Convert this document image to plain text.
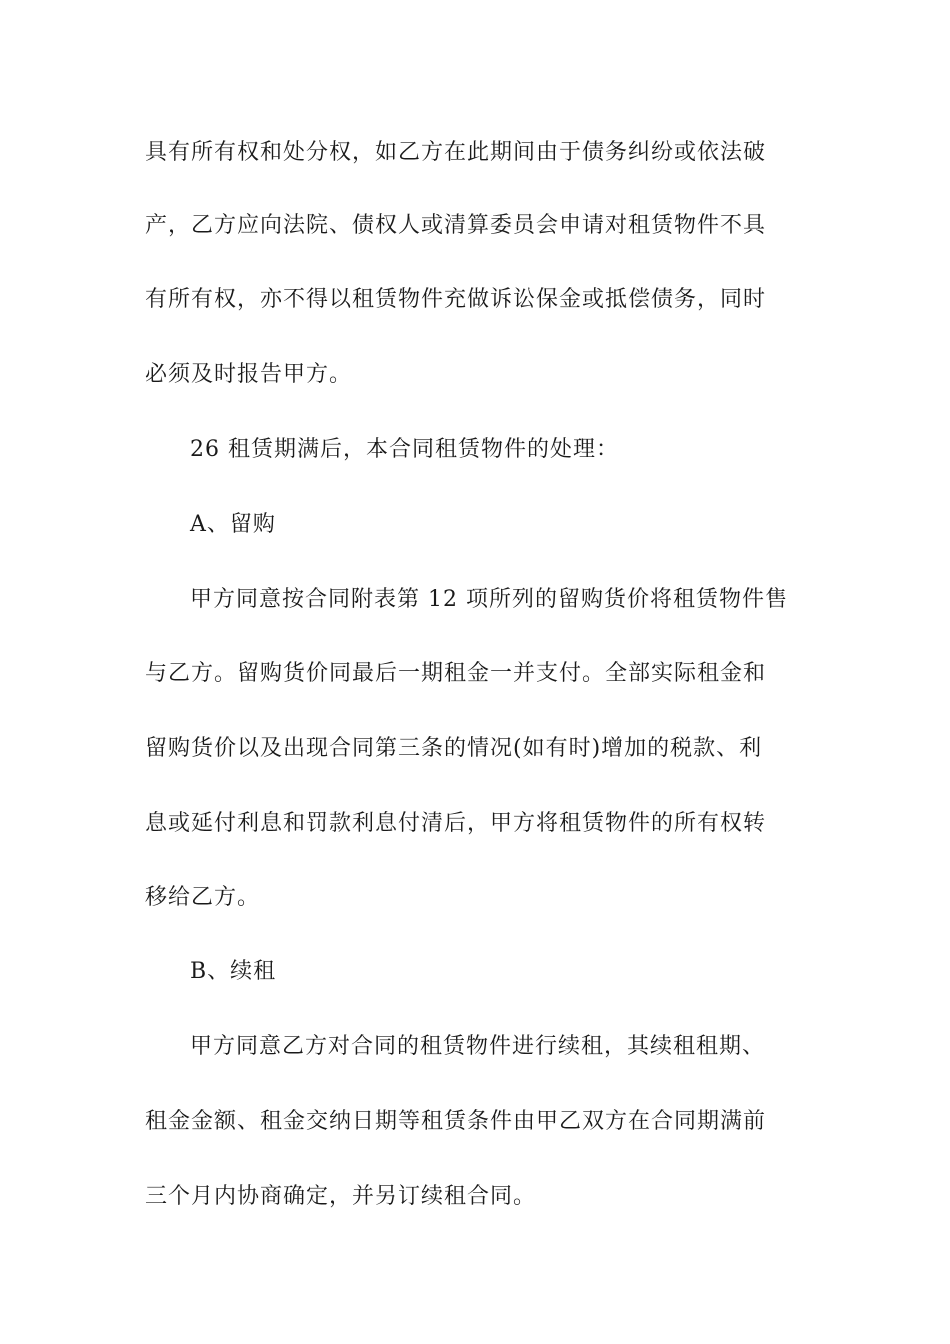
具有所有权和处分权，如乙方在此期间由于债务纠纷或依法破
产，乙方应向法院、债权人或清算委员会申请对租赁物件不具
有所有权，亦不得以租赁物件充做诉讼保金或抵偿债务，同时
必须及时报告甲方。
26 租赁期满后，本合同租赁物件的处理：
A、留购
甲方同意按合同附表第 12 项所列的留购货价将租赁物件售
与乙方。留购货价同最后一期租金一并支付。全部实际租金和
留购货价以及出现合同第三条的情况(如有时)增加的税款、利
息或延付利息和罚款利息付清后，甲方将租赁物件的所有权转
移给乙方。
B、续租
甲方同意乙方对合同的租赁物件进行续租，其续租租期、
租金金额、租金交纳日期等租赁条件由甲乙双方在合同期满前
三个月内协商确定，并另订续租合同。
